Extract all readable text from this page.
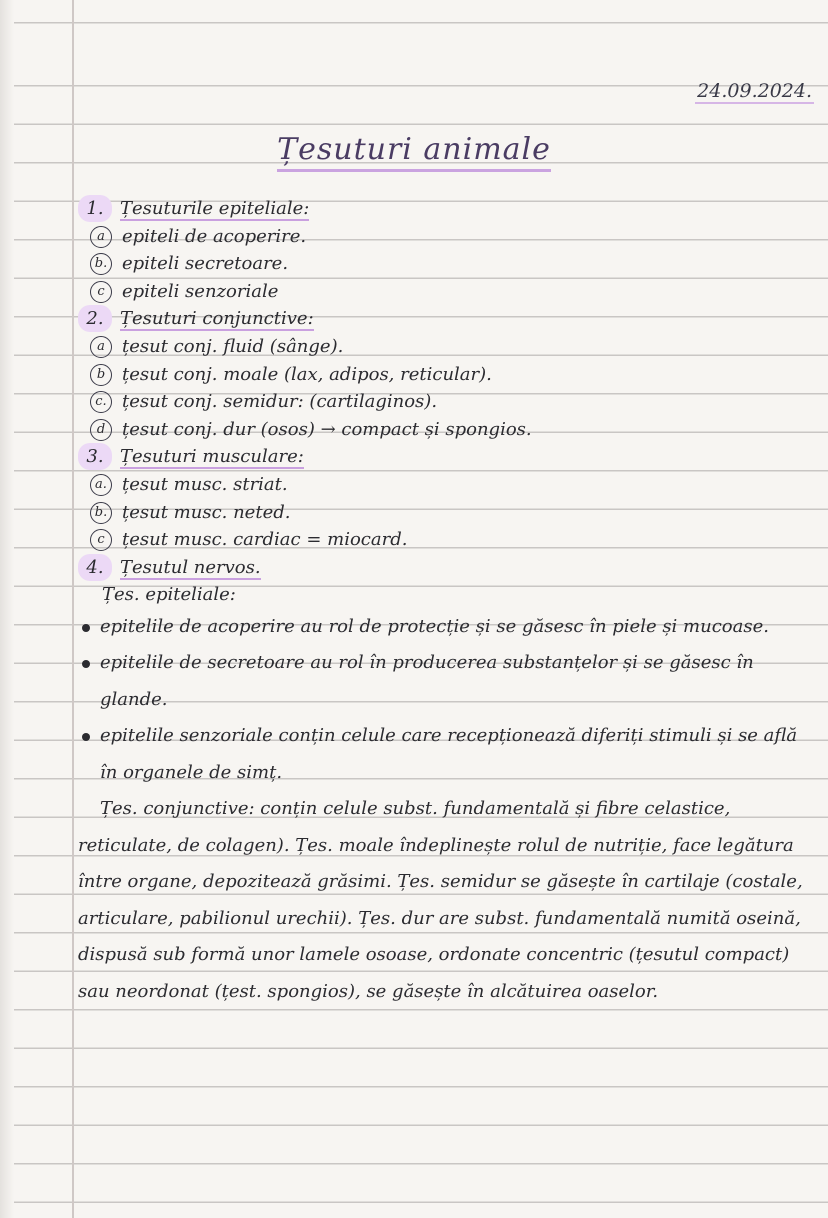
24.09.2024.
Țesuturi animale
1. Țesuturile epiteliale:
a epiteli de acoperire.
b. epiteli secretoare.
c epiteli senzoriale
2. Țesuturi conjunctive:
a țesut conj. fluid (sânge).
b țesut conj. moale (lax, adipos, reticular).
c. țesut conj. semidur: (cartilaginos).
d țesut conj. dur (osos) → compact și spongios.
3. Țesuturi musculare:
a. țesut musc. striat.
b. țesut musc. neted.
c țesut musc. cardiac = miocard.
4. Țesutul nervos.
Țes. epiteliale:
epitelile de acoperire au rol de protecție și se găsesc în piele și mucoase.
epitelile de secretoare au rol în producerea substanțelor și se găsesc în glande.
epitelile senzoriale conțin celule care recepționează diferiți stimuli și se află în organele de simț.
Țes. conjunctive: conțin celule subst. fundamentală și fibre celastice, reticulate, de colagen). Țes. moale îndeplinește rolul de nutriție, face legătura între organe, depozitează grăsimi. Țes. semidur se găsește în cartilaje (costale, articulare, pabilionul urechii). Țes. dur are subst. fundamentală numită oseină, dispusă sub formă unor lamele osoase, ordonate concentric (țesutul compact) sau neordonat (țest. spongios), se găsește în alcătuirea oaselor.
